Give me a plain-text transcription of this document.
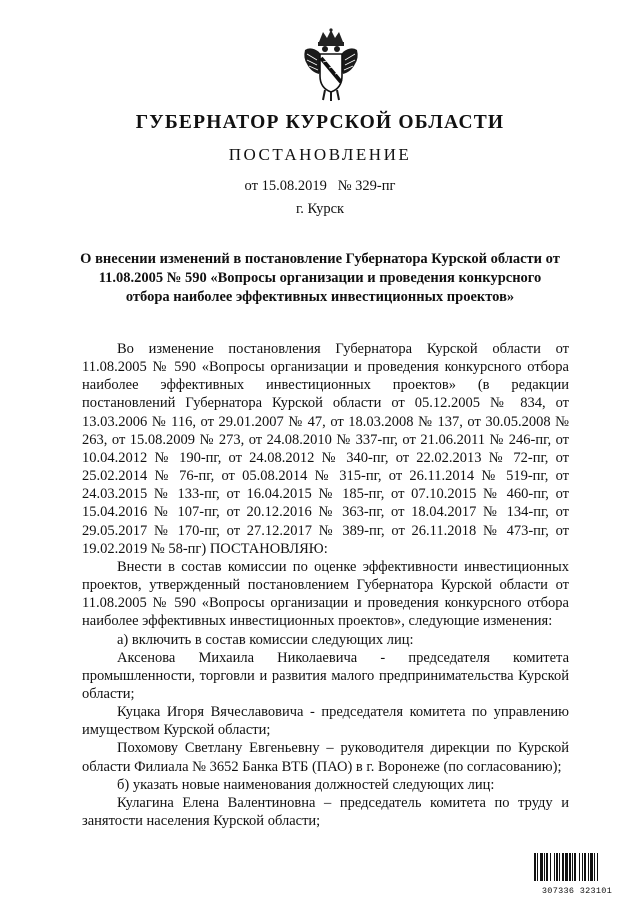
ГУБЕРНАТОР КУРСКОЙ ОБЛАСТИ
ПОСТАНОВЛЕНИЕ
от 15.08.2019   № 329-пг
г. Курск
О внесении изменений в постановление Губернатора Курской области от 11.08.2005 № 590 «Вопросы организации и проведения конкурсного отбора наиболее эффективных инвестиционных проектов»

Во изменение постановления Губернатора Курской области от 11.08.2005 № 590 «Вопросы организации и проведения конкурсного отбора наиболее эффективных инвестиционных проектов» (в редакции постановлений Губернатора Курской области от 05.12.2005 № 834, от 13.03.2006 № 116, от 29.01.2007 № 47, от 18.03.2008 № 137, от 30.05.2008 № 263, от 15.08.2009 № 273, от 24.08.2010 № 337-пг, от 21.06.2011 № 246-пг, от 10.04.2012 № 190-пг, от 24.08.2012 № 340-пг, от 22.02.2013 № 72-пг, от 25.02.2014 № 76-пг, от 05.08.2014 № 315-пг, от 26.11.2014 № 519-пг, от 24.03.2015 № 133-пг, от 16.04.2015 № 185-пг, от 07.10.2015 № 460-пг, от 15.04.2016 № 107-пг, от 20.12.2016 № 363-пг, от 18.04.2017 № 134-пг, от 29.05.2017 № 170-пг, от 27.12.2017 № 389-пг, от 26.11.2018 № 473-пг, от 19.02.2019 № 58-пг) ПОСТАНОВЛЯЮ:

Внести в состав комиссии по оценке эффективности инвестиционных проектов, утвержденный постановлением Губернатора Курской области от 11.08.2005 № 590 «Вопросы организации и проведения конкурсного отбора наиболее эффективных инвестиционных проектов», следующие изменения:

а) включить в состав комиссии следующих лиц:

Аксенова Михаила Николаевича - председателя комитета промышленности, торговли и развития малого предпринимательства Курской области;

Куцака Игоря Вячеславовича - председателя комитета по управлению имуществом Курской области;

Похомову Светлану Евгеньевну – руководителя дирекции по Курской области Филиала № 3652 Банка ВТБ (ПАО) в г. Воронеже (по согласованию);

б) указать новые наименования должностей следующих лиц:

Кулагина Елена Валентиновна – председатель комитета по труду и занятости населения Курской области;

307336 323101
